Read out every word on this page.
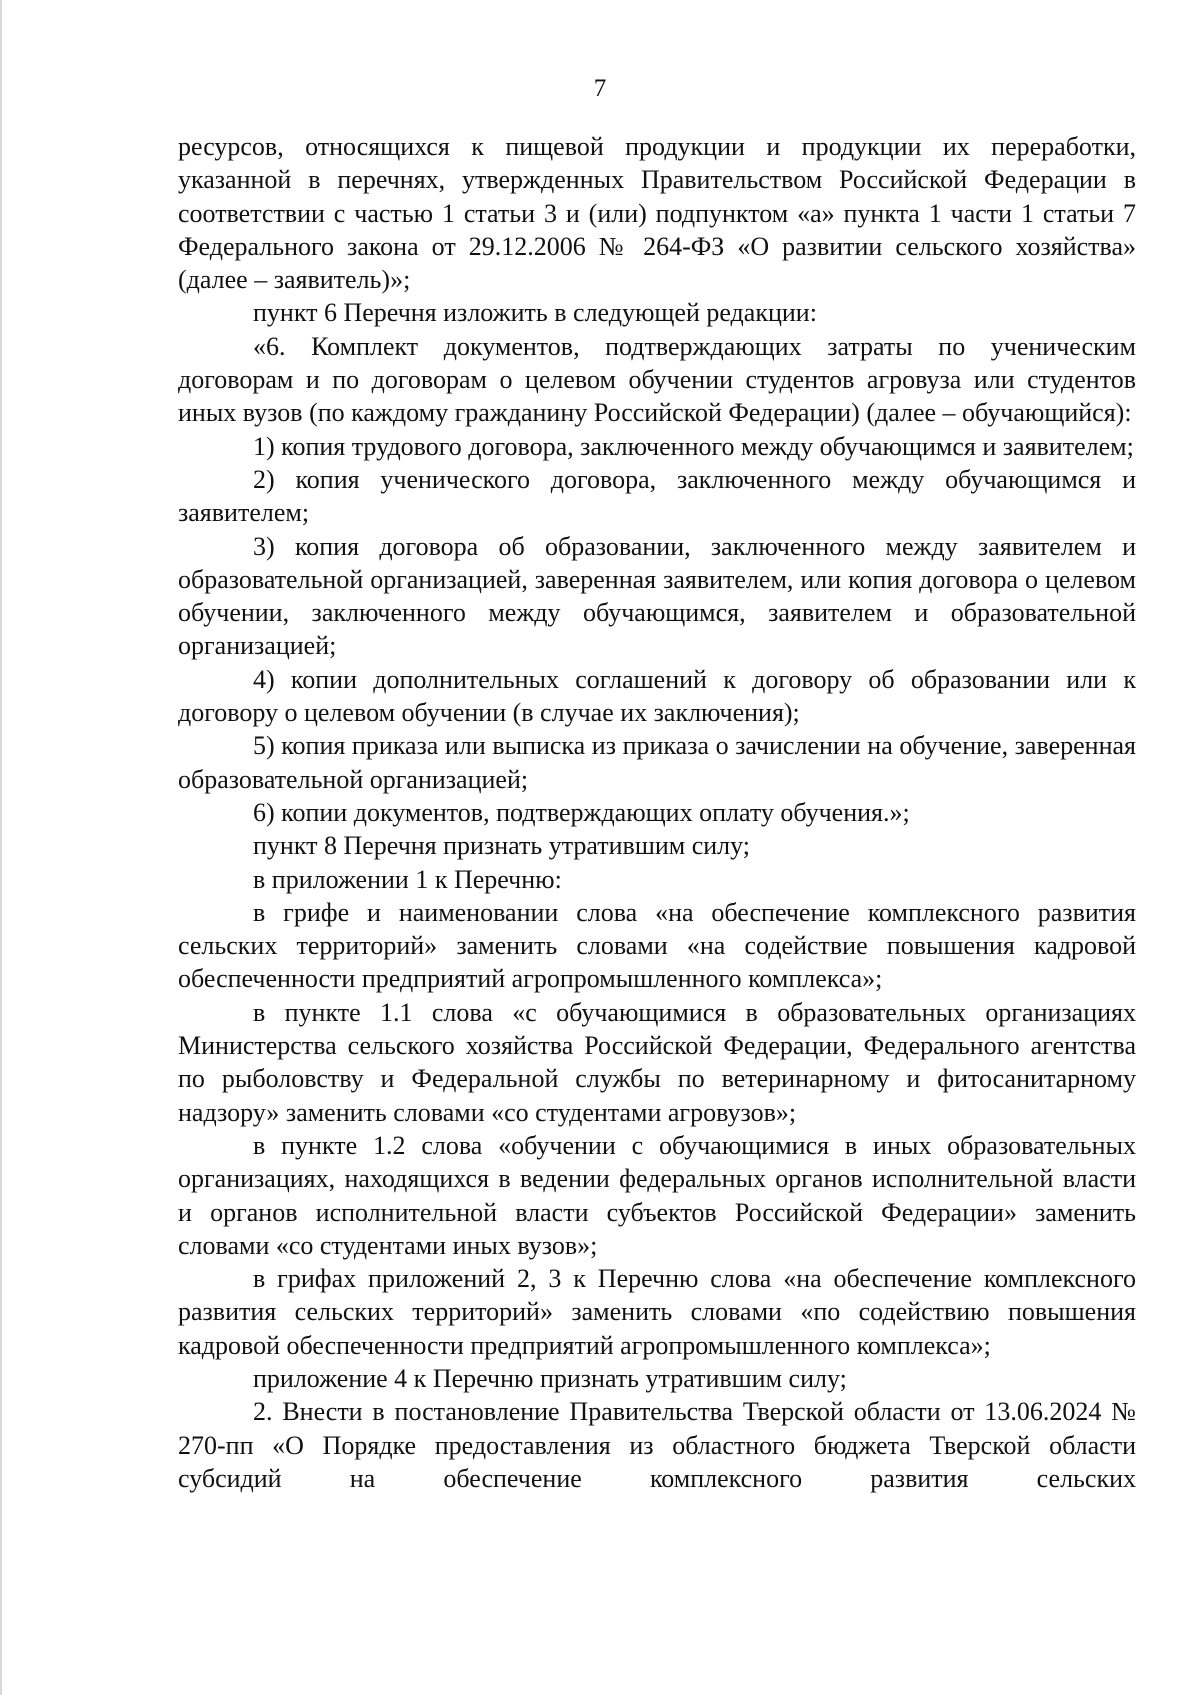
7

ресурсов, относящихся к пищевой продукции и продукции их переработки, указанной в перечнях, утвержденных Правительством Российской Федерации в соответствии с частью 1 статьи 3 и (или) подпунктом «а» пункта 1 части 1 статьи 7 Федерального закона от 29.12.2006 № 264-ФЗ «О развитии сельского хозяйства» (далее – заявитель)»;

пункт 6 Перечня изложить в следующей редакции:

«6. Комплект документов, подтверждающих затраты по ученическим договорам и по договорам о целевом обучении студентов агровуза или студентов иных вузов (по каждому гражданину Российской Федерации) (далее – обучающийся):

1) копия трудового договора, заключенного между обучающимся и заявителем;

2) копия ученического договора, заключенного между обучающимся и заявителем;

3) копия договора об образовании, заключенного между заявителем и образовательной организацией, заверенная заявителем, или копия договора о целевом обучении, заключенного между обучающимся, заявителем и образовательной организацией;

4) копии дополнительных соглашений к договору об образовании или к договору о целевом обучении (в случае их заключения);

5) копия приказа или выписка из приказа о зачислении на обучение, заверенная образовательной организацией;

6) копии документов, подтверждающих оплату обучения.»;

пункт 8 Перечня признать утратившим силу;

в приложении 1 к Перечню:

в грифе и наименовании слова «на обеспечение комплексного развития сельских территорий» заменить словами «на содействие повышения кадровой обеспеченности предприятий агропромышленного комплекса»;

в пункте 1.1 слова «с обучающимися в образовательных организациях Министерства сельского хозяйства Российской Федерации, Федерального агентства по рыболовству и Федеральной службы по ветеринарному и фитосанитарному надзору» заменить словами «со студентами агровузов»;

в пункте 1.2 слова «обучении с обучающимися в иных образовательных организациях, находящихся в ведении федеральных органов исполнительной власти и органов исполнительной власти субъектов Российской Федерации» заменить словами «со студентами иных вузов»;

в грифах приложений 2, 3 к Перечню слова «на обеспечение комплексного развития сельских территорий» заменить словами «по содействию повышения кадровой обеспеченности предприятий агропромышленного комплекса»;

приложение 4 к Перечню признать утратившим силу;

2. Внести в постановление Правительства Тверской области от 13.06.2024 № 270-пп «О Порядке предоставления из областного бюджета Тверской области субсидий на обеспечение комплексного развития сельских
